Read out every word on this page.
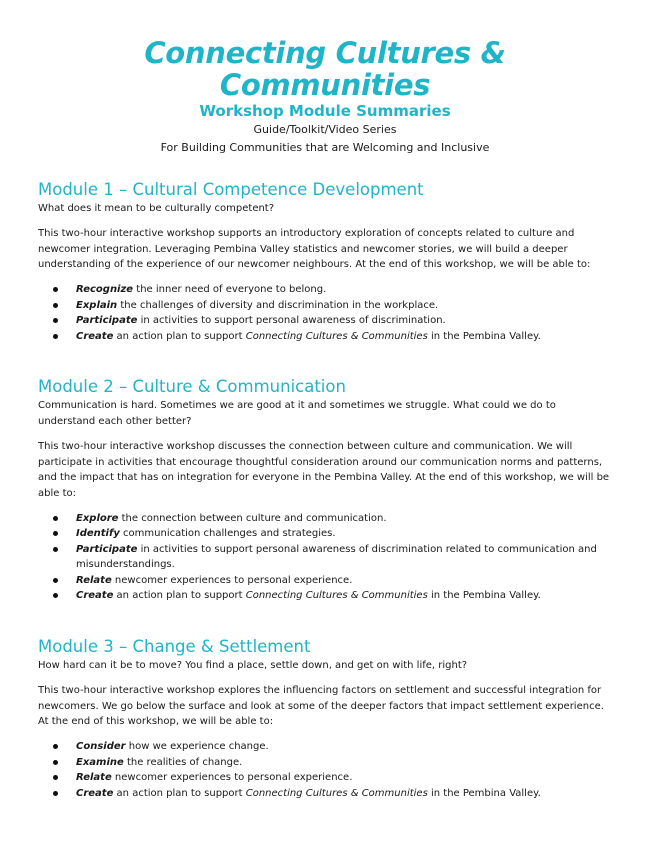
Connecting Cultures & Communities
Workshop Module Summaries
Guide/Toolkit/Video Series
For Building Communities that are Welcoming and Inclusive
Module 1 – Cultural Competence Development

What does it mean to be culturally competent?

This two-hour interactive workshop supports an introductory exploration of concepts related to culture and newcomer integration. Leveraging Pembina Valley statistics and newcomer stories, we will build a deeper understanding of the experience of our newcomer neighbours. At the end of this workshop, we will be able to:

Recognize the inner need of everyone to belong.
Explain the challenges of diversity and discrimination in the workplace.
Participate in activities to support personal awareness of discrimination.
Create an action plan to support Connecting Cultures & Communities in the Pembina Valley.
Module 2 – Culture & Communication

Communication is hard. Sometimes we are good at it and sometimes we struggle. What could we do to understand each other better?

This two-hour interactive workshop discusses the connection between culture and communication. We will participate in activities that encourage thoughtful consideration around our communication norms and patterns, and the impact that has on integration for everyone in the Pembina Valley. At the end of this workshop, we will be able to:

Explore the connection between culture and communication.
Identify communication challenges and strategies.
Participate in activities to support personal awareness of discrimination related to communication and misunderstandings.
Relate newcomer experiences to personal experience.
Create an action plan to support Connecting Cultures & Communities in the Pembina Valley.
Module 3 – Change & Settlement

How hard can it be to move? You find a place, settle down, and get on with life, right?

This two-hour interactive workshop explores the influencing factors on settlement and successful integration for newcomers. We go below the surface and look at some of the deeper factors that impact settlement experience. At the end of this workshop, we will be able to:

Consider how we experience change.
Examine the realities of change.
Relate newcomer experiences to personal experience.
Create an action plan to support Connecting Cultures & Communities in the Pembina Valley.
